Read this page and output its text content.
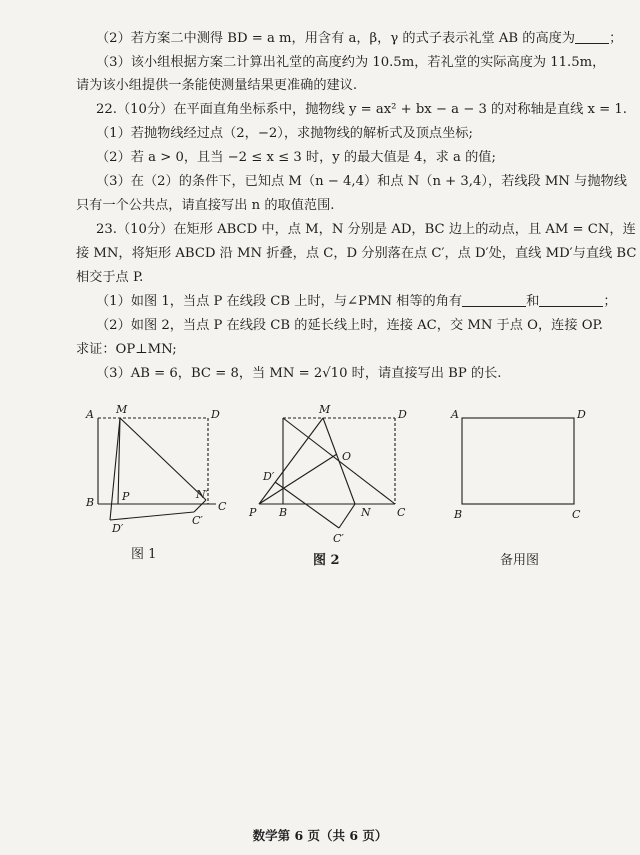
（2）若方案二中测得 BD = a m，用含有 a，β，γ 的式子表示礼堂 AB 的高度为	；
（3）该小组根据方案二计算出礼堂的高度约为 10.5m，若礼堂的实际高度为 11.5m，
请为该小组提供一条能使测量结果更准确的建议.
22.（10分）在平面直角坐标系中，抛物线 y = ax² + bx − a − 3 的对称轴是直线 x = 1.
（1）若抛物线经过点（2，−2），求抛物线的解析式及顶点坐标;
（2）若 a > 0，且当 −2 ≤ x ≤ 3 时，y 的最大值是 4，求 a 的值;
（3）在（2）的条件下，已知点 M（n − 4,4）和点 N（n + 3,4），若线段 MN 与抛物线
只有一个公共点，请直接写出 n 的取值范围.
23.（10分）在矩形 ABCD 中，点 M，N 分别是 AD，BC 边上的动点，且 AM = CN，连
接 MN，将矩形 ABCD 沿 MN 折叠，点 C，D 分别落在点 C′，点 D′处，直线 MD′与直线 BC
相交于点 P.
（1）如图 1，当点 P 在线段 CB 上时，与∠PMN 相等的角有	和	；
（2）如图 2，当点 P 在线段 CB 的延长线上时，连接 AC，交 MN 于点 O，连接 OP.
求证：OP⊥MN;
（3）AB = 6，BC = 8，当 MN = 2√10 时，请直接写出 BP 的长.
A M	D
B	P	N′
C
D′
C′
图 1
M	D
O
D′
P B	N C
C′
图 2
A	D
B	C
备用图
数学第 6 页（共 6 页）
